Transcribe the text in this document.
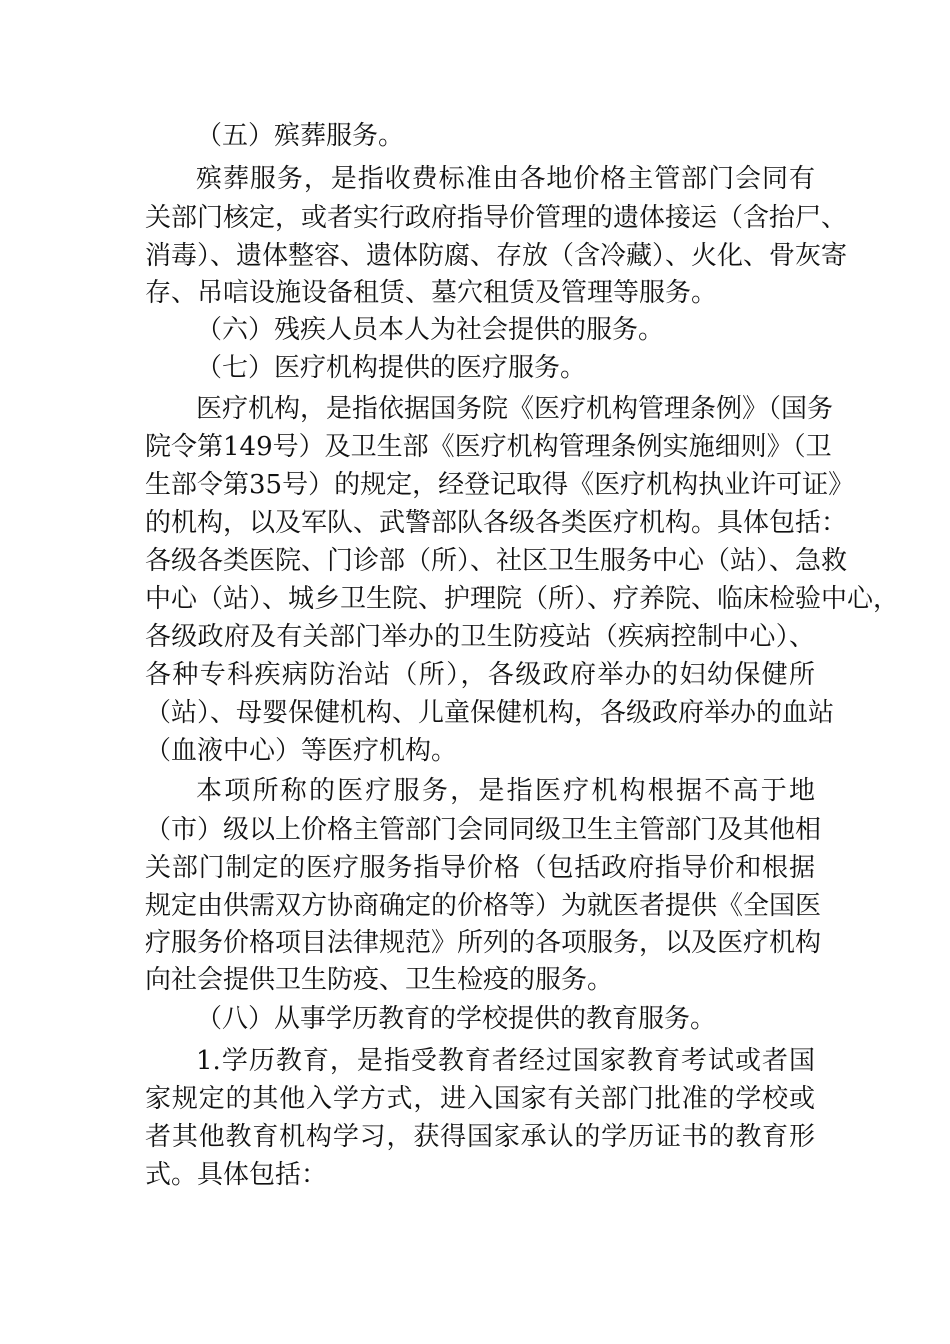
（五）殡葬服务。
殡葬服务，是指收费标准由各地价格主管部门会同有
关部门核定，或者实行政府指导价管理的遗体接运（含抬尸、
消毒）、遗体整容、遗体防腐、存放（含冷藏）、火化、骨灰寄
存、吊唁设施设备租赁、墓穴租赁及管理等服务。
（六）残疾人员本人为社会提供的服务。
（七）医疗机构提供的医疗服务。
医疗机构，是指依据国务院《医疗机构管理条例》（国务
院令第149号）及卫生部《医疗机构管理条例实施细则》（卫
生部令第35号）的规定，经登记取得《医疗机构执业许可证》
的机构，以及军队、武警部队各级各类医疗机构。具体包括：
各级各类医院、门诊部（所）、社区卫生服务中心（站）、急救
中心（站）、城乡卫生院、护理院（所）、疗养院、临床检验中心，
各级政府及有关部门举办的卫生防疫站（疾病控制中心）、
各种专科疾病防治站（所），各级政府举办的妇幼保健所
（站）、母婴保健机构、儿童保健机构，各级政府举办的血站
（血液中心）等医疗机构。
本项所称的医疗服务，是指医疗机构根据不高于地
（市）级以上价格主管部门会同同级卫生主管部门及其他相
关部门制定的医疗服务指导价格（包括政府指导价和根据
规定由供需双方协商确定的价格等）为就医者提供《全国医
疗服务价格项目法律规范》所列的各项服务，以及医疗机构
向社会提供卫生防疫、卫生检疫的服务。
（八）从事学历教育的学校提供的教育服务。
1.学历教育，是指受教育者经过国家教育考试或者国
家规定的其他入学方式，进入国家有关部门批准的学校或
者其他教育机构学习，获得国家承认的学历证书的教育形
式。具体包括：
